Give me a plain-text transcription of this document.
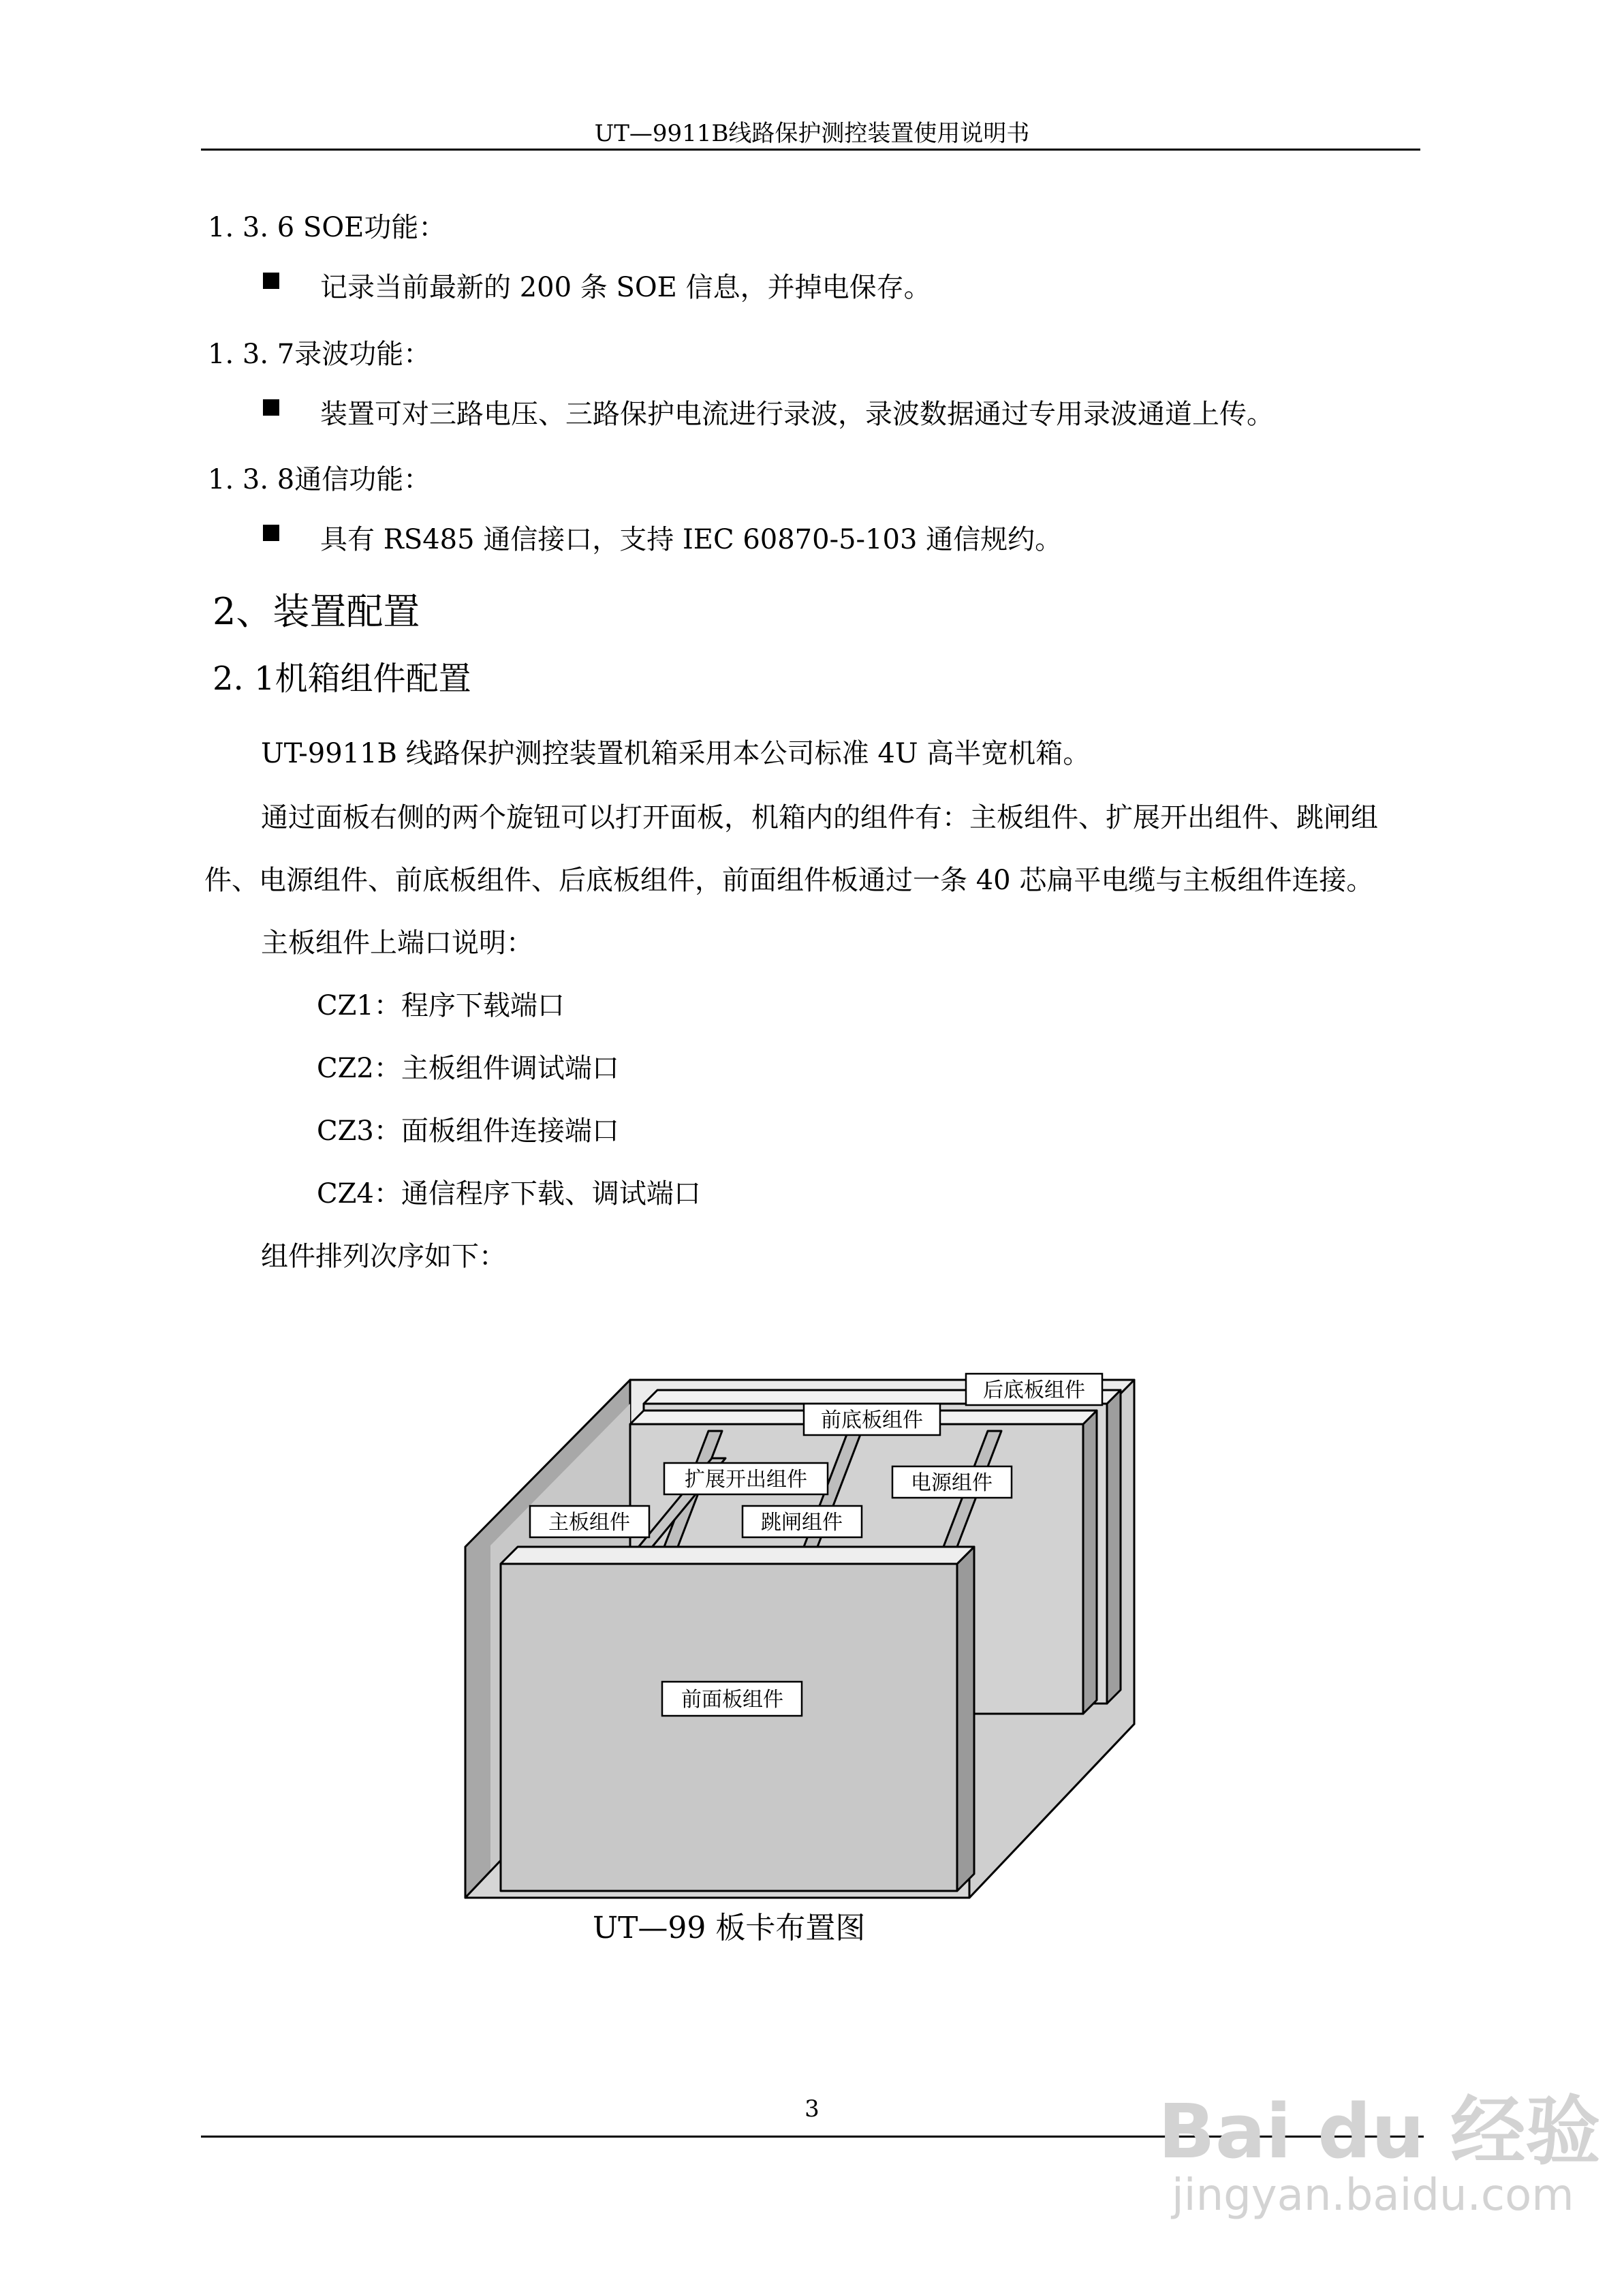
UT—9911B线路保护测控装置使用说明书
1. 3. 6 SOE功能：
记录当前最新的 200 条 SOE 信息，并掉电保存。
1. 3. 7录波功能：
装置可对三路电压、三路保护电流进行录波，录波数据通过专用录波通道上传。
1. 3. 8通信功能：
具有 RS485 通信接口，支持 IEC 60870-5-103 通信规约。
2、装置配置
2. 1机箱组件配置
UT-9911B 线路保护测控装置机箱采用本公司标准 4U 高半宽机箱。
通过面板右侧的两个旋钮可以打开面板，机箱内的组件有：主板组件、扩展开出组件、跳闸组
件、电源组件、前底板组件、后底板组件，前面组件板通过一条 40 芯扁平电缆与主板组件连接。
主板组件上端口说明：
CZ1：程序下载端口
CZ2：主板组件调试端口
CZ3：面板组件连接端口
CZ4：通信程序下载、调试端口
组件排列次序如下：
后底板组件
前底板组件
扩展开出组件	电源组件
主板组件	跳闸组件
前面板组件
UT—99 板卡布置图
3	Bai du 经验
jingyan.baidu.com
